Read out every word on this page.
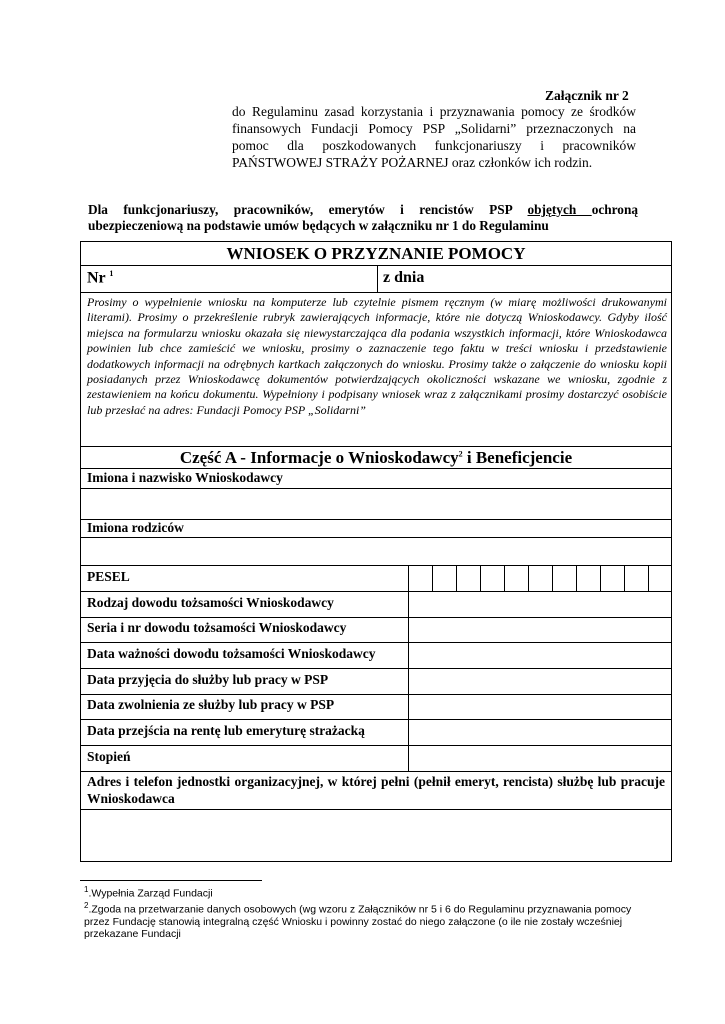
Załącznik nr 2
do Regulaminu zasad korzystania i przyznawania pomocy ze środków finansowych Fundacji Pomocy PSP „Solidarni” przeznaczonych na pomoc dla poszkodowanych funkcjonariuszy i pracowników PAŃSTWOWEJ STRAŻY POŻARNEJ oraz członków ich rodzin.
Dla funkcjonariuszy, pracowników, emerytów i rencistów PSP objętych ochroną
ubezpieczeniową na podstawie umów będących w załączniku nr 1 do Regulaminu
WNIOSEK O PRZYZNANIE POMOCY
Nr $^1$	z dnia
Prosimy o wypełnienie wniosku na komputerze lub czytelnie pismem ręcznym (w miarę możliwości drukowanymi literami). Prosimy o przekreślenie rubryk zawierających informacje, które nie dotyczą Wnioskodawcy. Gdyby ilość miejsca na formularzu wniosku okazała się niewystarczająca dla podania wszystkich informacji, które Wnioskodawca powinien lub chce zamieścić we wniosku, prosimy o zaznaczenie tego faktu w treści wniosku i przedstawienie dodatkowych informacji na odrębnych kartkach załączonych do wniosku. Prosimy także o załączenie do wniosku kopii posiadanych przez Wnioskodawcę dokumentów potwierdzających okoliczności wskazane we wniosku, zgodnie z zestawieniem na końcu dokumentu. Wypełniony i podpisany wniosek wraz z załącznikami prosimy dostarczyć osobiście lub przesłać na adres: Fundacji Pomocy PSP „Solidarni”
Część A - Informacje o Wnioskodawcy$^2$ i Beneficjencie
Imiona i nazwisko Wnioskodawcy
Imiona rodziców
PESEL
Rodzaj dowodu tożsamości Wnioskodawcy
Seria i nr dowodu tożsamości Wnioskodawcy
Data ważności dowodu tożsamości Wnioskodawcy
Data przyjęcia do służby lub pracy w PSP
Data zwolnienia ze służby lub pracy w PSP
Data przejścia na rentę lub emeryturę strażacką
Stopień
Adres i telefon jednostki organizacyjnej, w której pełni (pełnił emeryt, rencista) służbę lub pracuje Wnioskodawca
$^1$.Wypełnia Zarząd Fundacji
$^2$.Zgoda na przetwarzanie danych osobowych (wg wzoru z Załączników nr 5 i 6 do Regulaminu przyznawania pomocy przez Fundację stanowią integralną część Wniosku i powinny zostać do niego załączone (o ile nie zostały wcześniej przekazane Fundacji
